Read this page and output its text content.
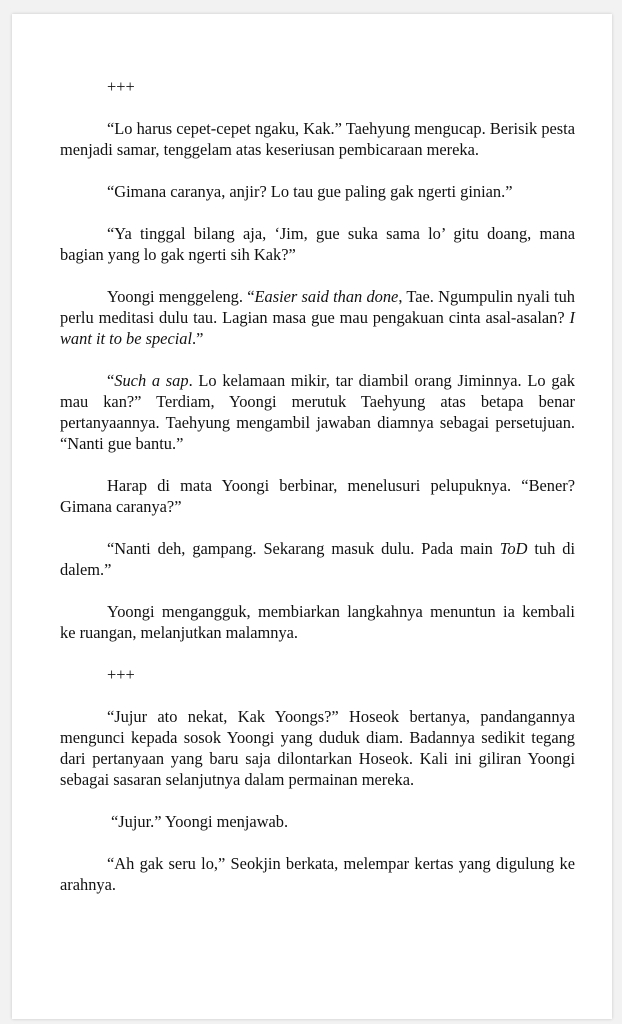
+++

“Lo harus cepet-cepet ngaku, Kak.” Taehyung mengucap. Berisik pesta menjadi samar, tenggelam atas keseriusan pembicaraan mereka.

“Gimana caranya, anjir? Lo tau gue paling gak ngerti ginian.”

“Ya tinggal bilang aja, ‘Jim, gue suka sama lo’ gitu doang, mana bagian yang lo gak ngerti sih Kak?”

Yoongi menggeleng. “Easier said than done, Tae. Ngumpulin nyali tuh perlu meditasi dulu tau. Lagian masa gue mau pengakuan cinta asal-asalan? I want it to be special.”

“Such a sap. Lo kelamaan mikir, tar diambil orang Jiminnya. Lo gak mau kan?” Terdiam, Yoongi merutuk Taehyung atas betapa benar pertanyaannya. Taehyung mengambil jawaban diamnya sebagai persetujuan. “Nanti gue bantu.”

Harap di mata Yoongi berbinar, menelusuri pelupuknya. “Bener? Gimana caranya?”

“Nanti deh, gampang. Sekarang masuk dulu. Pada main ToD tuh di dalem.”

Yoongi mengangguk, membiarkan langkahnya menuntun ia kembali ke ruangan, melanjutkan malamnya.

+++

“Jujur ato nekat, Kak Yoongs?” Hoseok bertanya, pandangannya mengunci kepada sosok Yoongi yang duduk diam. Badannya sedikit tegang dari pertanyaan yang baru saja dilontarkan Hoseok. Kali ini giliran Yoongi sebagai sasaran selanjutnya dalam permainan mereka.

“Jujur.” Yoongi menjawab.

“Ah gak seru lo,” Seokjin berkata, melempar kertas yang digulung ke arahnya.
